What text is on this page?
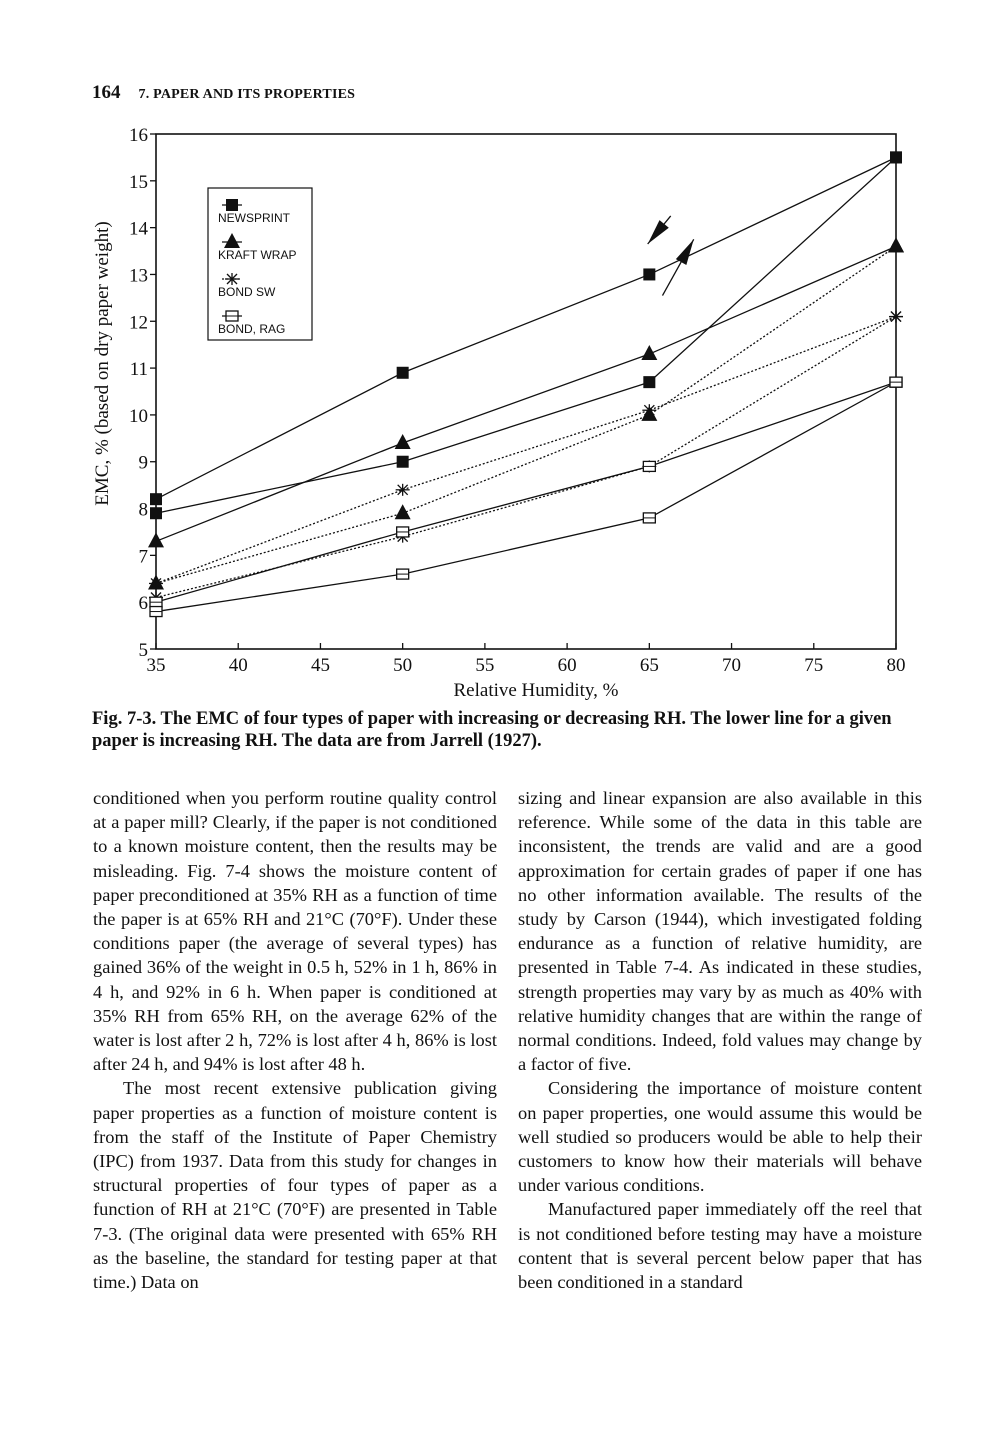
164 7. PAPER AND ITS PROPERTIES
5
6
7
8
9
10
11
12
13
14
15
16
35	40	45	50	55	60	65	70	75	80
Relative Humidity, %
EMC, % (based on dry paper weight)
NEWSPRINT
KRAFT WRAP
BOND SW
BOND, RAG
Fig. 7-3. The EMC of four types of paper with increasing or decreasing RH. The lower line for a given paper is increasing RH. The data are from Jarrell (1927).

conditioned when you perform routine quality control at a paper mill? Clearly, if the paper is not conditioned to a known moisture content, then the results may be misleading. Fig. 7-4 shows the moisture content of paper preconditioned at 35% RH as a function of time the paper is at 65% RH and 21°C (70°F). Under these conditions paper (the average of several types) has gained 36% of the weight in 0.5 h, 52% in 1 h, 86% in 4 h, and 92% in 6 h. When paper is conditioned at 35% RH from 65% RH, on the average 62% of the water is lost after 2 h, 72% is lost after 4 h, 86% is lost after 24 h, and 94% is lost after 48 h.

The most recent extensive publication giving paper properties as a function of moisture content is from the staff of the Institute of Paper Chemistry (IPC) from 1937. Data from this study for changes in structural properties of four types of paper as a function of RH at 21°C (70°F) are presented in Table 7-3. (The original data were presented with 65% RH as the baseline, the standard for testing paper at that time.) Data on

sizing and linear expansion are also available in this reference. While some of the data in this table are inconsistent, the trends are valid and are a good approximation for certain grades of paper if one has no other information available. The results of the study by Carson (1944), which investigated folding endurance as a function of relative humidity, are presented in Table 7-4. As indicated in these studies, strength properties may vary by as much as 40% with relative humidity changes that are within the range of normal conditions. Indeed, fold values may change by a factor of five.

Considering the importance of moisture content on paper properties, one would assume this would be well studied so producers would be able to help their customers to know how their materials will behave under various conditions.

Manufactured paper immediately off the reel that is not conditioned before testing may have a moisture content that is several percent below paper that has been conditioned in a standard
